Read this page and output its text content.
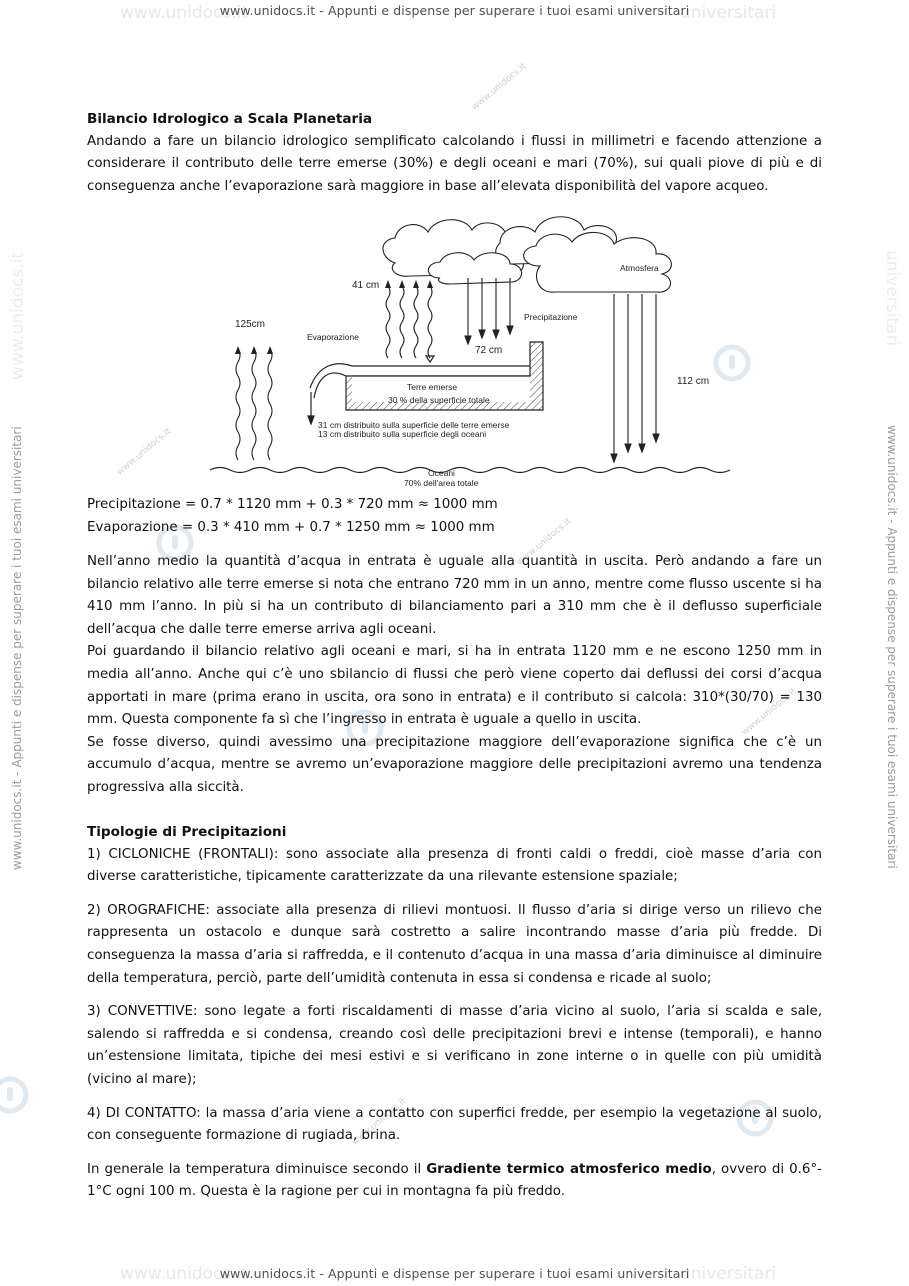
www.unidocs.it	universitari
www.unidocs.it	universitari
www.unidocs.it - Appunti e dispense per superare i tuoi esami universitari
www.unidocs.it - Appunti e dispense per superare i tuoi esami universitari
www.unidocs.it	universitari
www.unidocs.it - Appunti e dispense per superare i tuoi esami universitari	www.unidocs.it - Appunti e dispense per superare i tuoi esami universitari
www.unidocs.it
www.unidocs.it
www.unidocs.it
www.unidocs.it
www.unidocs.it
Bilancio Idrologico a Scala Planetaria

Andando a fare un bilancio idrologico semplificato calcolando i flussi in millimetri e facendo attenzione a considerare il contributo delle terre emerse (30%) e degli oceani e mari (70%), sui quali piove di più e di conseguenza anche l’evaporazione sarà maggiore in base all’elevata disponibilità del vapore acqueo.

Atmosfera
Precipitazione
Evaporazione
125cm
41 cm
72 cm
112 cm
Terre emerse
30 % della superficie totale
31 cm distribuito sulla superficie delle terre emerse
13 cm distribuito sulla superficie degli oceani
Oceani
70% dell'area totale
Precipitazione = 0.7 * 1120 mm + 0.3 * 720 mm ≈ 1000 mm
Evaporazione = 0.3 * 410 mm + 0.7 * 1250 mm ≈ 1000 mm

Nell’anno medio la quantità d’acqua in entrata è uguale alla quantità in uscita. Però andando a fare un bilancio relativo alle terre emerse si nota che entrano 720 mm in un anno, mentre come flusso uscente si ha 410 mm l’anno. In più si ha un contributo di bilanciamento pari a 310 mm che è il deflusso superficiale dell’acqua che dalle terre emerse arriva agli oceani.

Poi guardando il bilancio relativo agli oceani e mari, si ha in entrata 1120 mm e ne escono 1250 mm in media all’anno. Anche qui c’è uno sbilancio di flussi che però viene coperto dai deflussi dei corsi d’acqua apportati in mare (prima erano in uscita, ora sono in entrata) e il contributo si calcola: 310*(30/70) = 130 mm. Questa componente fa sì che l’ingresso in entrata è uguale a quello in uscita.

Se fosse diverso, quindi avessimo una precipitazione maggiore dell’evaporazione significa che c’è un accumulo d’acqua, mentre se avremo un’evaporazione maggiore delle precipitazioni avremo una tendenza progressiva alla siccità.

Tipologie di Precipitazioni

1) CICLONICHE (FRONTALI): sono associate alla presenza di fronti caldi o freddi, cioè masse d’aria con diverse caratteristiche, tipicamente caratterizzate da una rilevante estensione spaziale;

2) OROGRAFICHE: associate alla presenza di rilievi montuosi. Il flusso d’aria si dirige verso un rilievo che rappresenta un ostacolo e dunque sarà costretto a salire incontrando masse d’aria più fredde. Di conseguenza la massa d’aria si raffredda, e il contenuto d’acqua in una massa d’aria diminuisce al diminuire della temperatura, perciò, parte dell’umidità contenuta in essa si condensa e ricade al suolo;

3) CONVETTIVE: sono legate a forti riscaldamenti di masse d’aria vicino al suolo, l’aria si scalda e sale, salendo si raffredda e si condensa, creando così delle precipitazioni brevi e intense (temporali), e hanno un’estensione limitata, tipiche dei mesi estivi e si verificano in zone interne o in quelle con più umidità (vicino al mare);

4) DI CONTATTO: la massa d’aria viene a contatto con superfici fredde, per esempio la vegetazione al suolo, con conseguente formazione di rugiada, brina.

In generale la temperatura diminuisce secondo il Gradiente termico atmosferico medio, ovvero di 0.6°- 1°C ogni 100 m. Questa è la ragione per cui in montagna fa più freddo.
